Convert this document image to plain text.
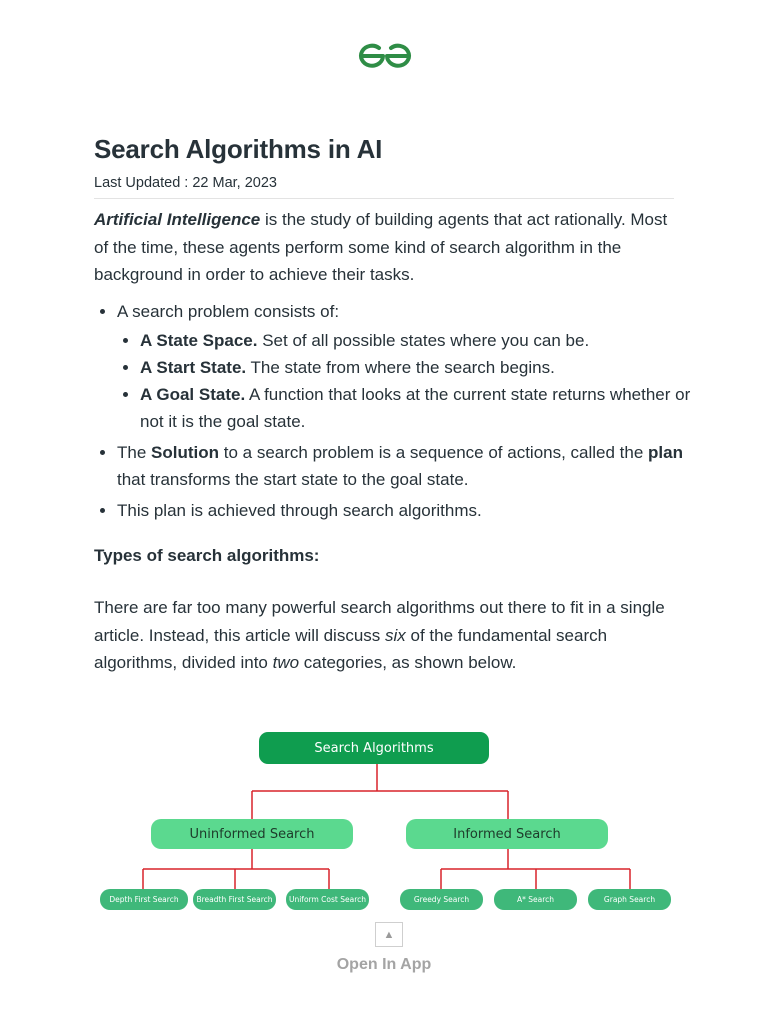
Search Algorithms in AI
Last Updated : 22 Mar, 2023

Artificial Intelligence is the study of building agents that act rationally. Most of the time, these agents perform some kind of search algorithm in the background in order to achieve their tasks.

• A search problem consists of:
• A State Space. Set of all possible states where you can be.
• A Start State. The state from where the search begins.
• A Goal State. A function that looks at the current state returns whether or not it is the goal state.
• The Solution to a search problem is a sequence of actions, called the plan that transforms the start state to the goal state.
• This plan is achieved through search algorithms.
Types of search algorithms:

There are far too many powerful search algorithms out there to fit in a single article. Instead, this article will discuss six of the fundamental search algorithms, divided into two categories, as shown below.

Search Algorithms
Uninformed Search	Informed Search
Depth First Search	Breadth First Search	Uniform Cost Search	Greedy Search	A* Search	Graph Search
▲
Open In App
